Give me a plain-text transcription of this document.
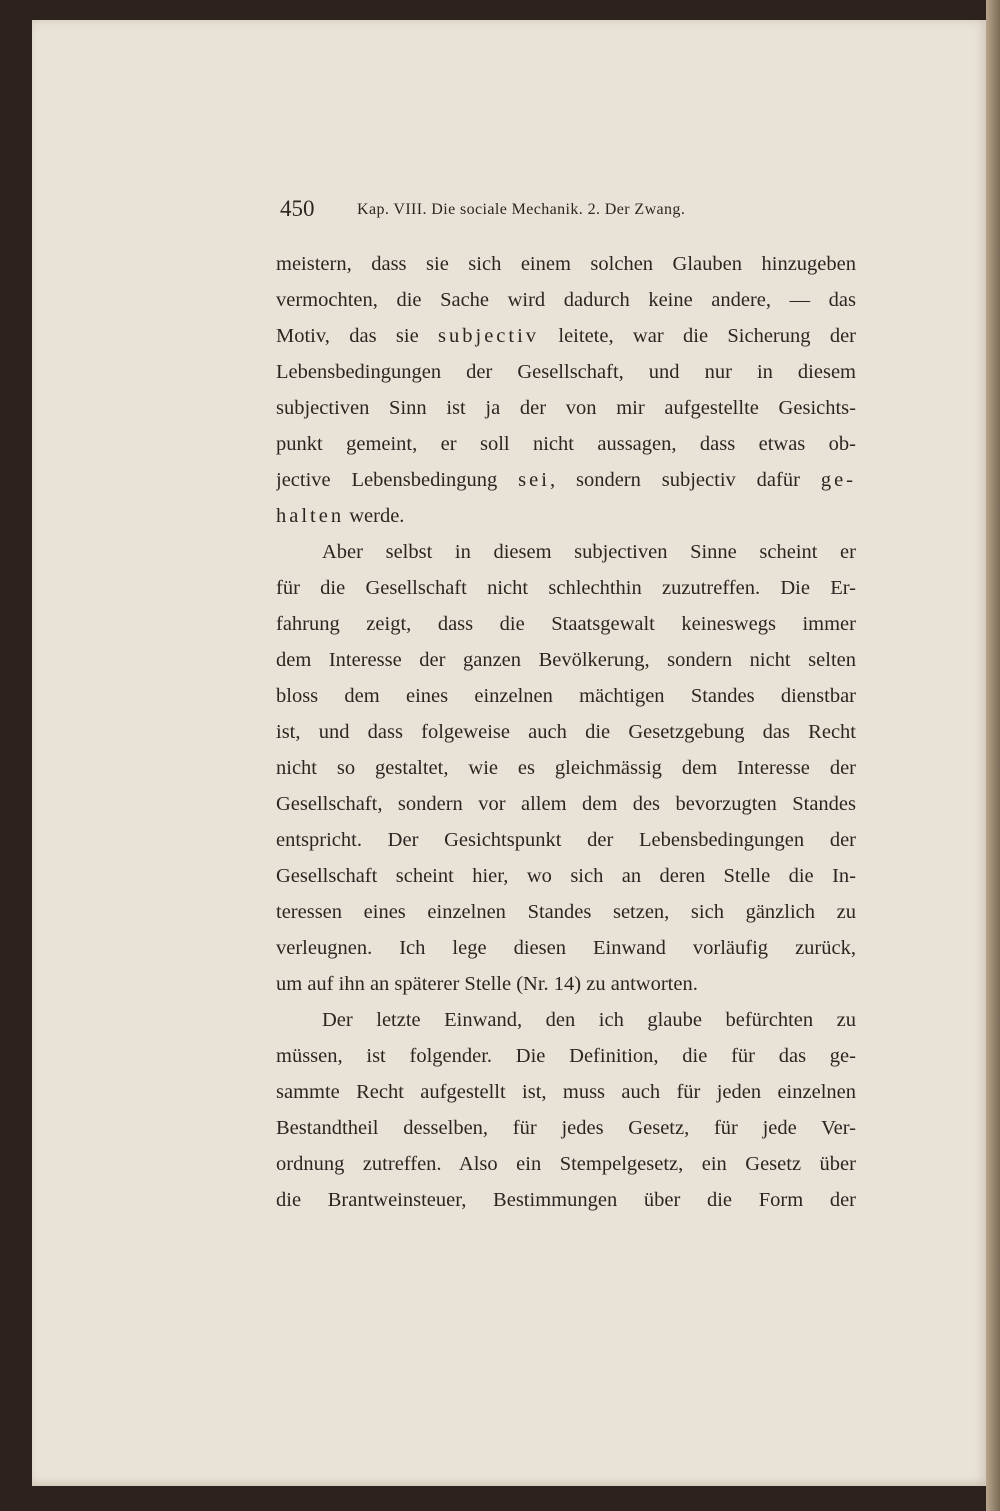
450	Kap. VIII. Die sociale Mechanik. 2. Der Zwang.
meistern, dass sie sich einem solchen Glauben hinzugeben
vermochten, die Sache wird dadurch keine andere, — das
Motiv, das sie subjectiv leitete, war die Sicherung der
Lebensbedingungen der Gesellschaft, und nur in diesem
subjectiven Sinn ist ja der von mir aufgestellte Gesichts-
punkt gemeint, er soll nicht aussagen, dass etwas ob-
jective Lebensbedingung sei, sondern subjectiv dafür ge-
halten werde.
Aber selbst in diesem subjectiven Sinne scheint er
für die Gesellschaft nicht schlechthin zuzutreffen. Die Er-
fahrung zeigt, dass die Staatsgewalt keineswegs immer
dem Interesse der ganzen Bevölkerung, sondern nicht selten
bloss dem eines einzelnen mächtigen Standes dienstbar
ist, und dass folgeweise auch die Gesetzgebung das Recht
nicht so gestaltet, wie es gleichmässig dem Interesse der
Gesellschaft, sondern vor allem dem des bevorzugten Standes
entspricht. Der Gesichtspunkt der Lebensbedingungen der
Gesellschaft scheint hier, wo sich an deren Stelle die In-
teressen eines einzelnen Standes setzen, sich gänzlich zu
verleugnen. Ich lege diesen Einwand vorläufig zurück,
um auf ihn an späterer Stelle (Nr. 14) zu antworten.
Der letzte Einwand, den ich glaube befürchten zu
müssen, ist folgender. Die Definition, die für das ge-
sammte Recht aufgestellt ist, muss auch für jeden einzelnen
Bestandtheil desselben, für jedes Gesetz, für jede Ver-
ordnung zutreffen. Also ein Stempelgesetz, ein Gesetz über
die Brantweinsteuer, Bestimmungen über die Form der
